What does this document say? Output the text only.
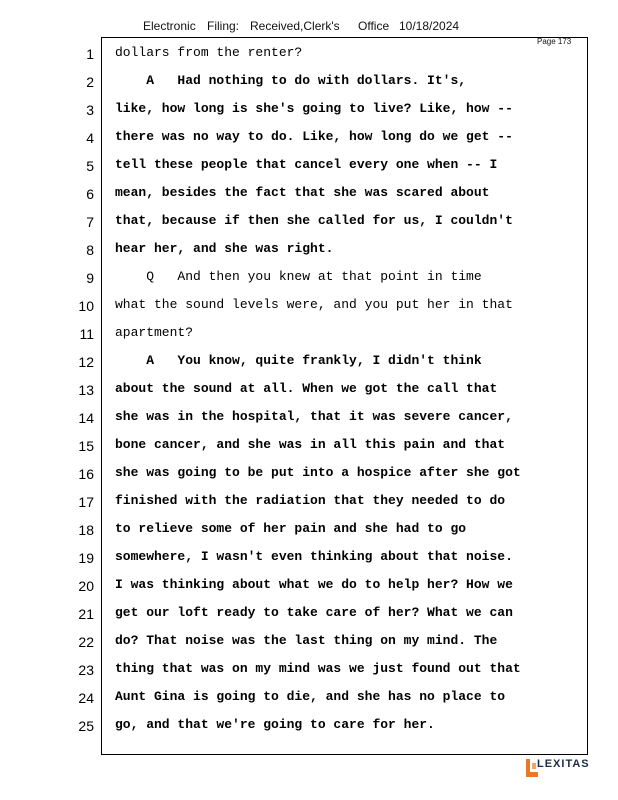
Electronic Filing: Received,Clerk's Office 10/18/2024
Page 173
1 dollars from the renter?
2 A   Had nothing to do with dollars. It's,
3 like, how long is she's going to live? Like, how --
4 there was no way to do. Like, how long do we get --
5 tell these people that cancel every one when -- I
6 mean, besides the fact that she was scared about
7 that, because if then she called for us, I couldn't
8 hear her, and she was right.
9 Q   And then you knew at that point in time
10 what the sound levels were, and you put her in that
11 apartment?
12 A   You know, quite frankly, I didn't think
13 about the sound at all. When we got the call that
14 she was in the hospital, that it was severe cancer,
15 bone cancer, and she was in all this pain and that
16 she was going to be put into a hospice after she got
17 finished with the radiation that they needed to do
18 to relieve some of her pain and she had to go
19 somewhere, I wasn't even thinking about that noise.
20 I was thinking about what we do to help her? How we
21 get our loft ready to take care of her? What we can
22 do? That noise was the last thing on my mind. The
23 thing that was on my mind was we just found out that
24 Aunt Gina is going to die, and she has no place to
25 go, and that we're going to care for her.
LEXITAS
